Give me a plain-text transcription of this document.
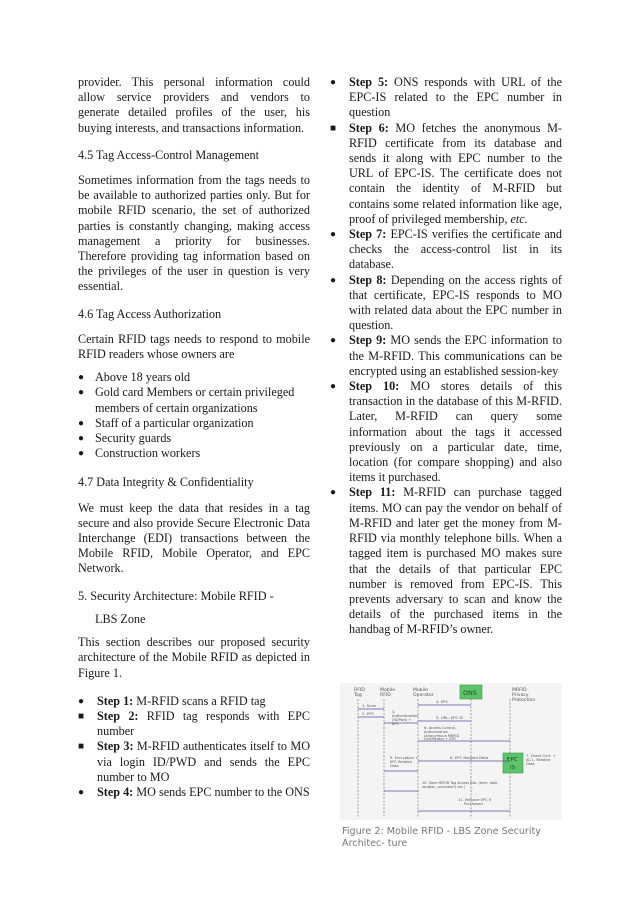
provider. This personal information could allow service providers and vendors to generate detailed profiles of the user, his buying interests, and transactions information.

4.5 Tag Access-Control Management

Sometimes information from the tags needs to be available to authorized parties only. But for mobile RFID scenario, the set of authorized parties is constantly changing, making access management a priority for businesses. Therefore providing tag information based on the privileges of the user in question is very essential.

4.6 Tag Access Authorization

Certain RFID tags needs to respond to mobile RFID readers whose owners are

● Above 18 years old
● Gold card Members or certain privileged members of certain organizations
● Staff of a particular organization
● Security guards
● Construction workers

4.7 Data Integrity & Confidentiality

We must keep the data that resides in a tag secure and also provide Secure Electronic Data Interchange (EDI) transactions between the Mobile RFID, Mobile Operator, and EPC Network.

5. Security Architecture: Mobile RFID -

LBS Zone

This section describes our proposed security architecture of the Mobile RFID as depicted in Figure 1.

● Step 1: M-RFID scans a RFID tag
■ Step 2: RFID tag responds with EPC number
■ Step 3: M-RFID authenticates itself to MO via login ID/PWD and sends the EPC number to MO
● Step 4: MO sends EPC number to the ONS
● Step 5: ONS responds with URL of the EPC-IS related to the EPC number in question
■ Step 6: MO fetches the anonymous M-RFID certificate from its database and sends it along with EPC number to the URL of EPC-IS. The certificate does not contain the identity of M-RFID but contains some related information like age, proof of privileged membership, etc.
● Step 7: EPC-IS verifies the certificate and checks the access-control list in its database.
● Step 8: Depending on the access rights of that certificate, EPC-IS responds to MO with related data about the EPC number in question.
● Step 9: MO sends the EPC information to the M-RFID. This communications can be encrypted using an established session-key
● Step 10: MO stores details of this transaction in the database of this M-RFID. Later, M-RFID can query some information about the tags it accessed previously on a particular date, time, location (for compare shopping) and also items it purchased.
● Step 11: M-RFID can purchase tagged items. MO can pay the vendor on behalf of M-RFID and later get the money from M- RFID via monthly telephone bills. When a tagged item is purchased MO makes sure that the details of that particular EPC number is removed from EPC-IS. This prevents adversary to scan and know the details of the purchased items in the handbag of M-RFID’s owner.
RFID
Tag
Mobile
RFID
Mobile
Operator
MRFID
Privacy
Protection
ONS
EPC
IS
1. Scan
2. EPC	3.
Authentication
(ID/Pwd) +
EPC
4. EPC
5. URL: EPC IS
6. Access Control,
Authorization
(Anonymous MRFID
Certificate) + EPC
7. Check Cert. +
AC L. Related
Data
8. EPC Related Data
9. Encryption +
EPC Related
Data
10. Store MRFID Tag Access Info. (time, date,
location, purchase?) etc.)
11. Remove EPC if
Purchased
Figure 2: Mobile RFID - LBS Zone Security Architec- ture
